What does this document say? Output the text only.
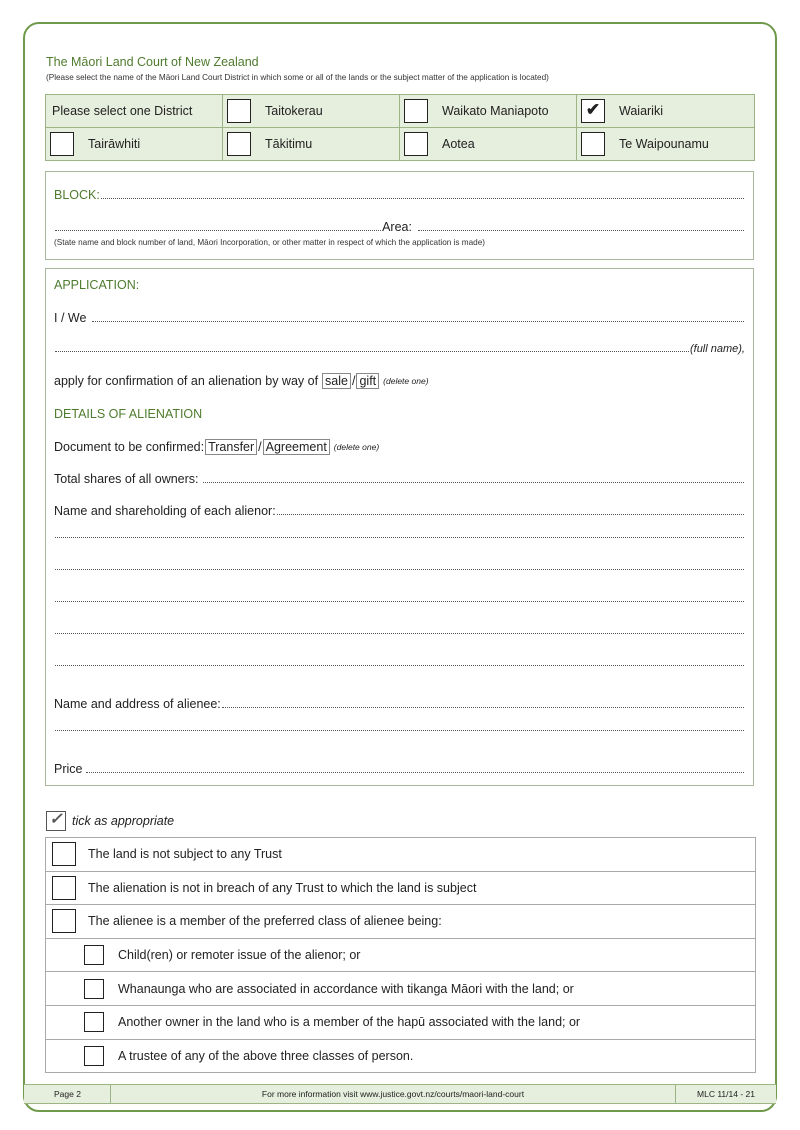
The Māori Land Court of New Zealand
(Please select the name of the Māori Land Court District in which some or all of the lands or the subject matter of the application is located)
Please select one District	Taitokerau	Waikato Maniapoto	✔ Waiariki

Tairāwhiti	Tākitimu	Aotea	Te Waipounamu
BLOCK:
Area:
(State name and block number of land, Māori Incorporation, or other matter in respect of which the application is made)
APPLICATION:
I / We
(full name),
apply for confirmation of an alienation by way of sale / gift (delete one)
DETAILS OF ALIENATION
Document to be confirmed: Transfer / Agreement (delete one)
Total shares of all owners:
Name and shareholding of each alienor:
Name and address of alienee:
Price
✓ tick as appropriate
The land is not subject to any Trust

The alienation is not in breach of any Trust to which the land is subject

The alienee is a member of the preferred class of alienee being:

Child(ren) or remoter issue of the alienor; or

Whanaunga who are associated in accordance with tikanga Māori with the land; or

Another owner in the land who is a member of the hapū associated with the land; or

A trustee of any of the above three classes of person.
Page 2	For more information visit www.justice.govt.nz/courts/maori-land-court	MLC 11/14 - 21
